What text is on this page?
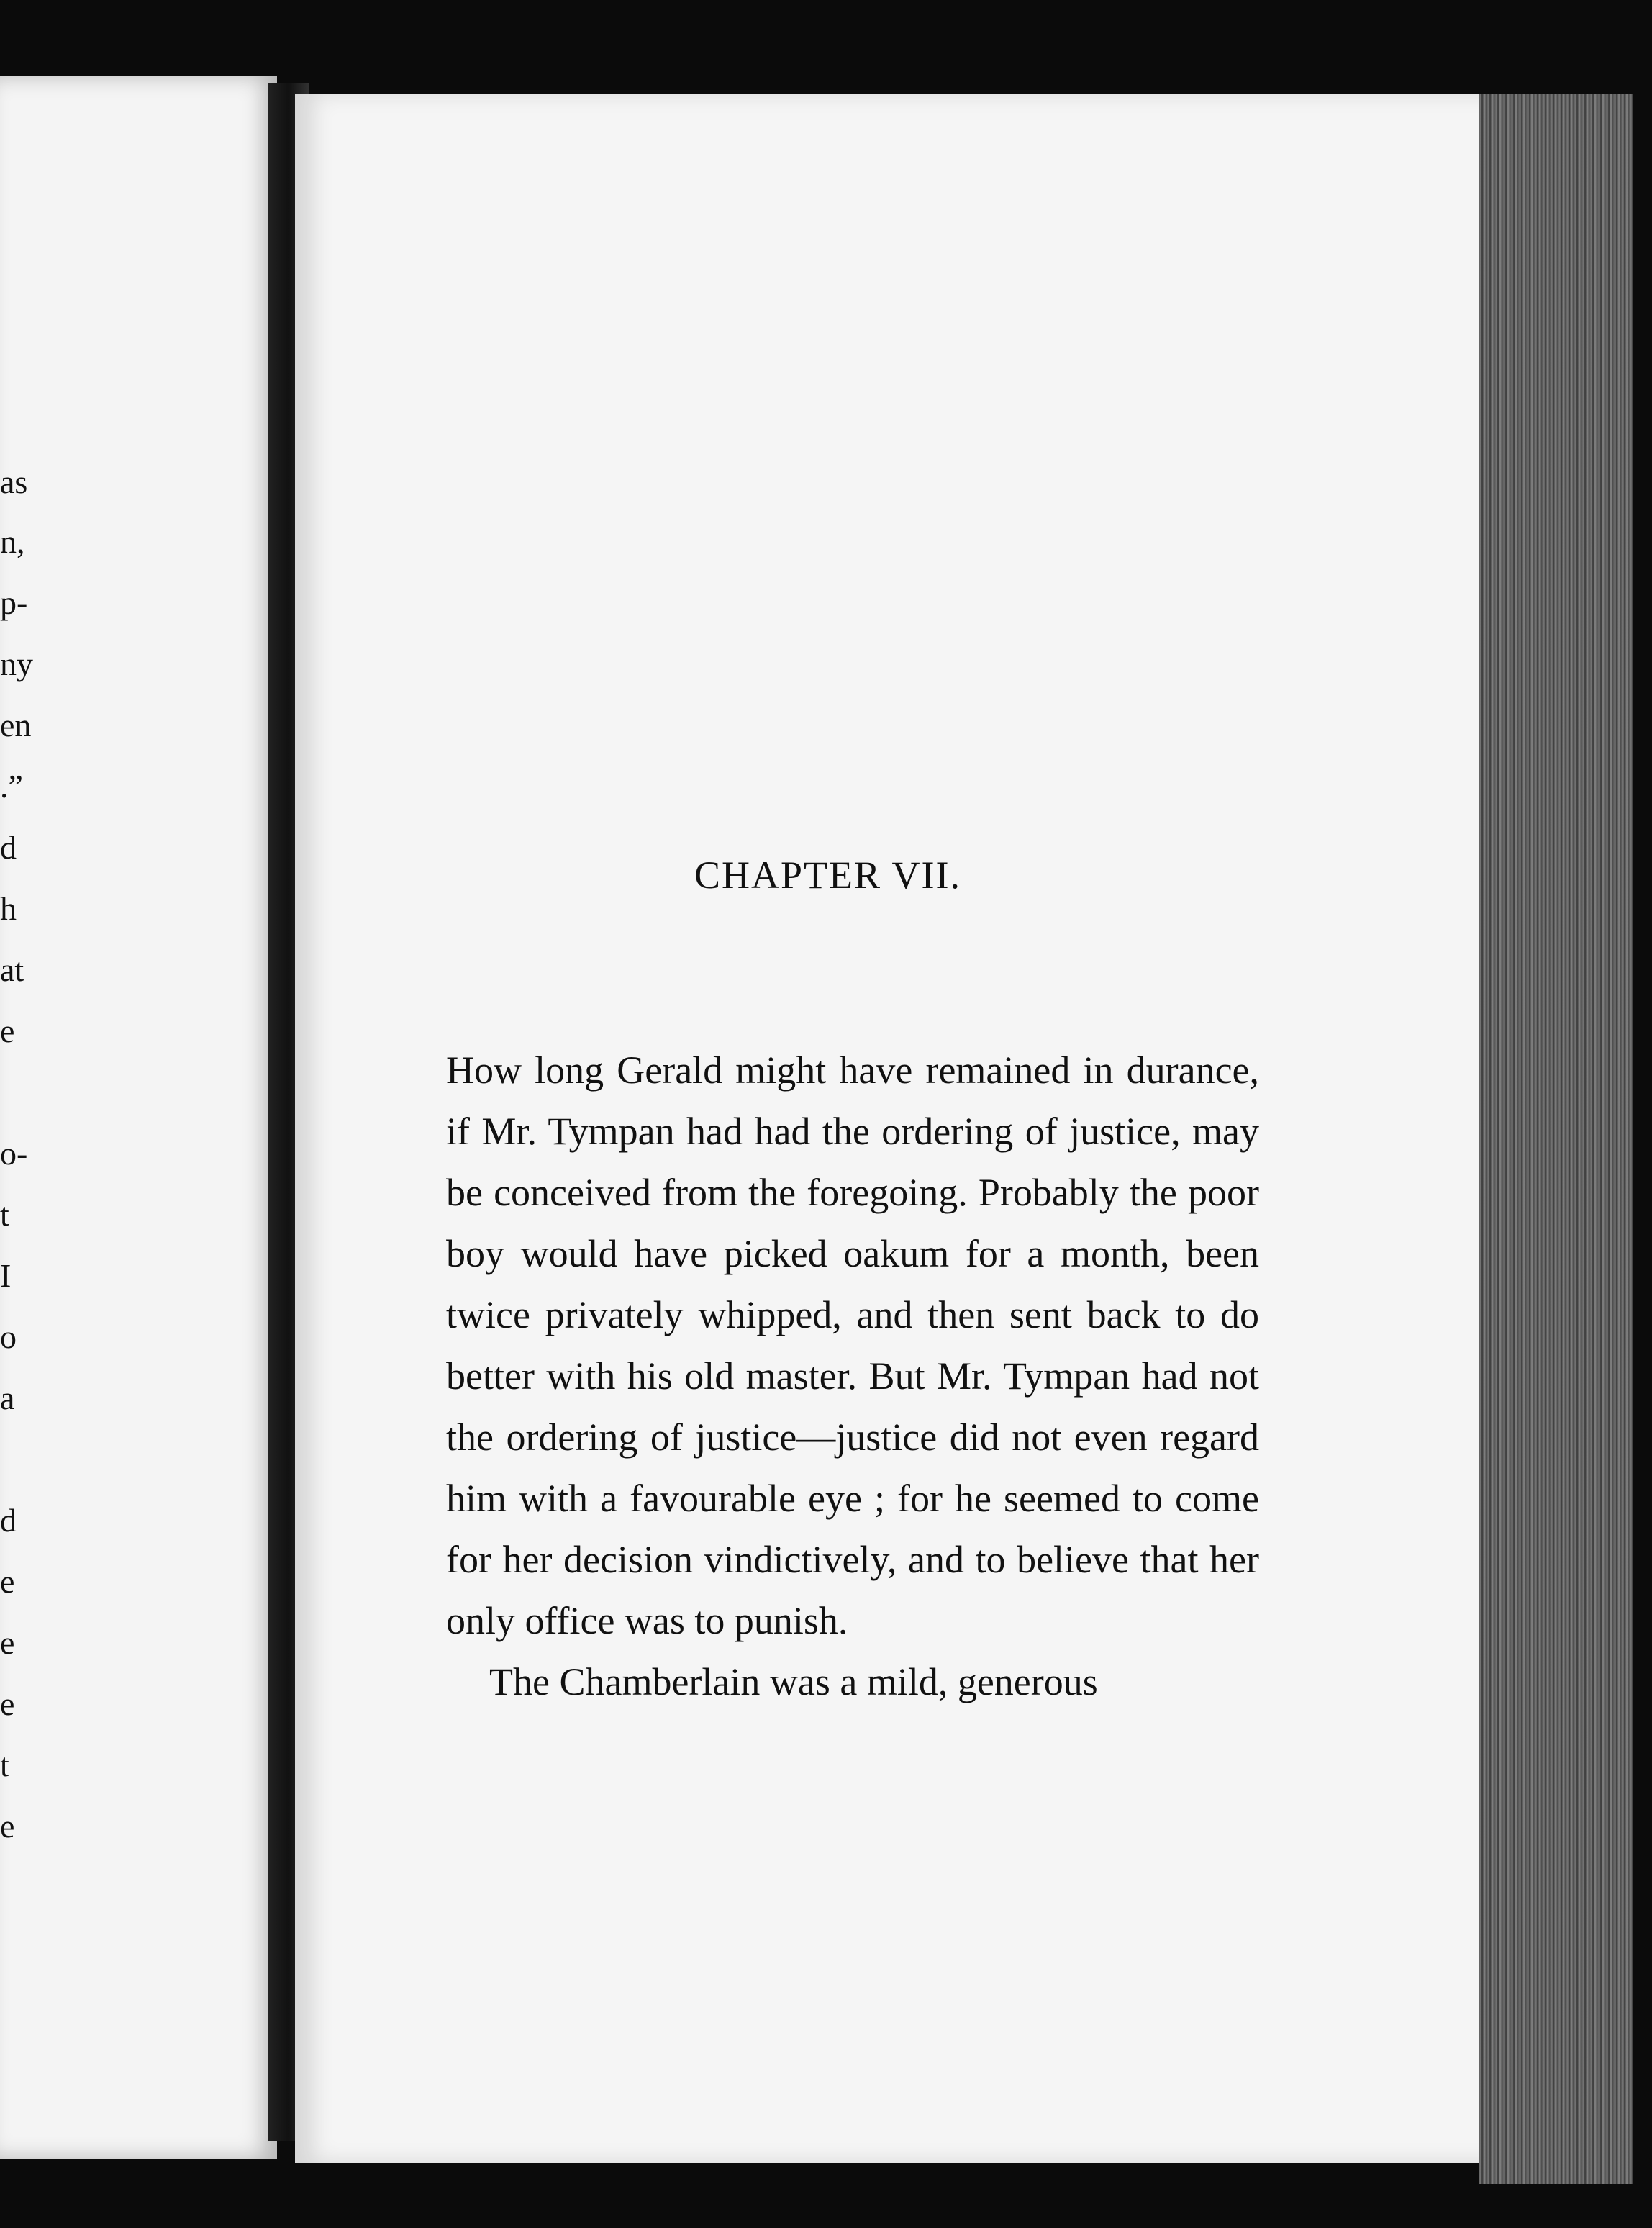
as
n,
p-
ny
en
.”
d
h
at
e
o-
t
I
o
a
d
e
e
e
t
e
CHAPTER VII.

How long Gerald might have remained in durance, if Mr. Tympan had had the ordering of justice, may be conceived from the foregoing. Probably the poor boy would have picked oakum for a month, been twice privately whipped, and then sent back to do better with his old master. But Mr. Tympan had not the ordering of justice—justice did not even regard him with a favourable eye ; for he seemed to come for her decision vindictively, and to believe that her only office was to punish.

The Chamberlain was a mild, generous
